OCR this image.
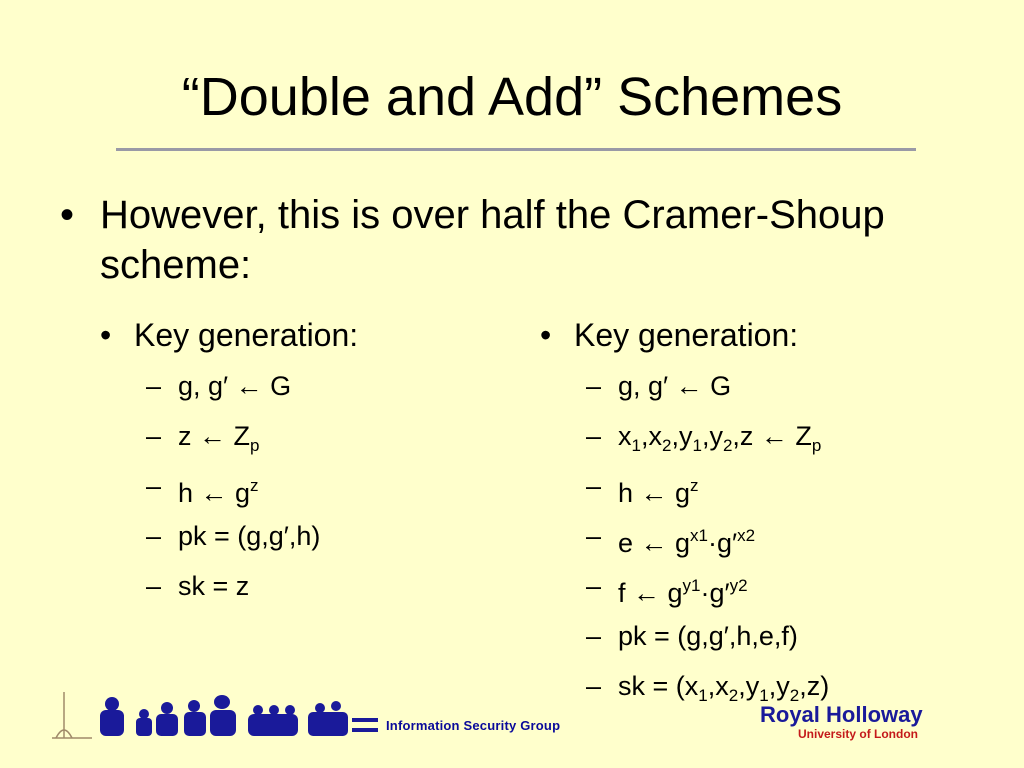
“Double and Add” Schemes
• However, this is over half the Cramer-Shoup scheme:
• Key generation:
– g, g′ ← G
– z ← $Z_p$
– h ← $g^z$
– pk = (g,g′,h)
– sk = z
• Key generation:
– g, g′ ← G
– $x_1,x_2,y_1,y_2,z$ ← $Z_p$
– h ← $g^z$
– e ← $g^{x1}\cdot g'^{x2}$
– f ← $g^{y1}\cdot g'^{y2}$
– pk = (g,g′,h,e,f)
– sk = $(x_1,x_2,y_1,y_2,z)$
Information Security Group	Royal Holloway
University of London
